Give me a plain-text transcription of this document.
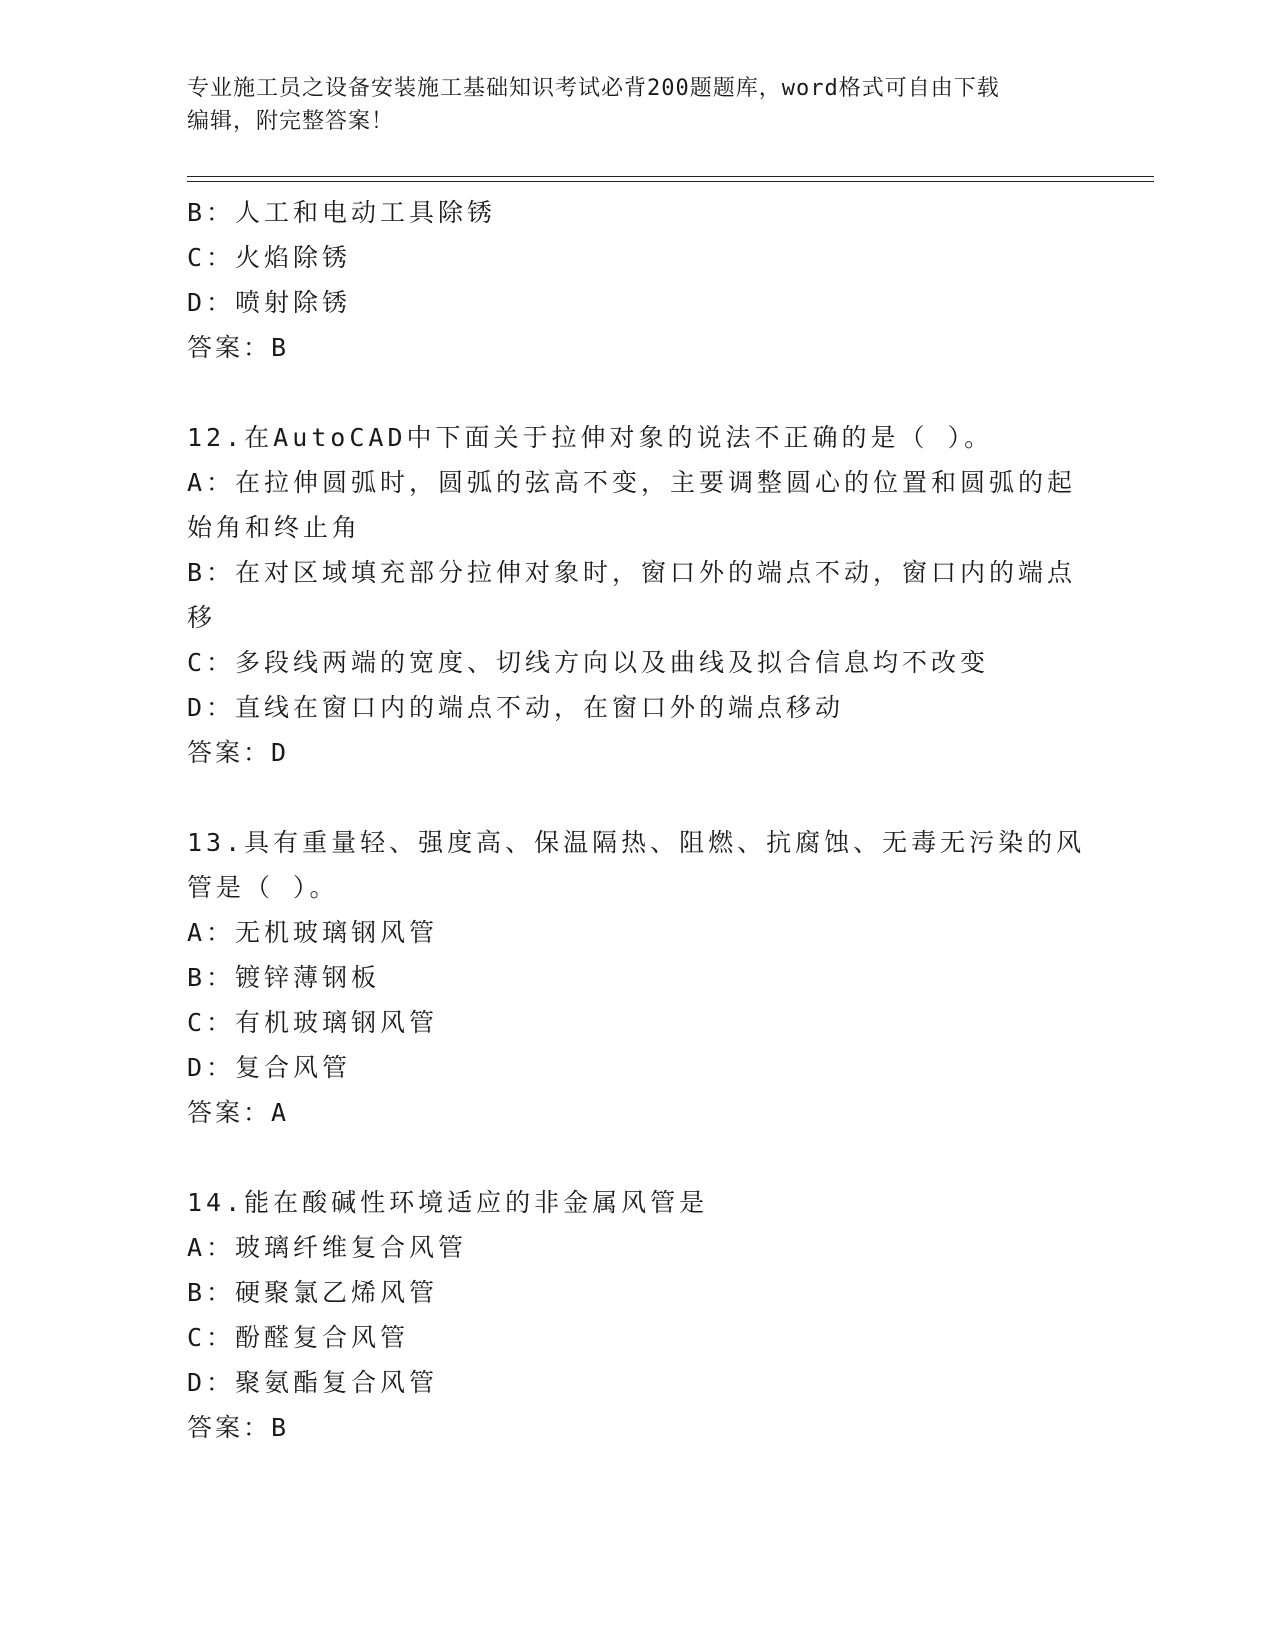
专业施工员之设备安装施工基础知识考试必背200题题库，word格式可自由下载
编辑，附完整答案！
B：人工和电动工具除锈
C：火焰除锈
D：喷射除锈
答案：B
12.在AutoCAD中下面关于拉伸对象的说法不正确的是（ ）。
A：在拉伸圆弧时，圆弧的弦高不变，主要调整圆心的位置和圆弧的起
始角和终止角
B：在对区域填充部分拉伸对象时，窗口外的端点不动，窗口内的端点
移
C：多段线两端的宽度、切线方向以及曲线及拟合信息均不改变
D：直线在窗口内的端点不动，在窗口外的端点移动
答案：D
13.具有重量轻、强度高、保温隔热、阻燃、抗腐蚀、无毒无污染的风
管是（ ）。
A：无机玻璃钢风管
B：镀锌薄钢板
C：有机玻璃钢风管
D：复合风管
答案：A
14.能在酸碱性环境适应的非金属风管是
A：玻璃纤维复合风管
B：硬聚氯乙烯风管
C：酚醛复合风管
D：聚氨酯复合风管
答案：B
